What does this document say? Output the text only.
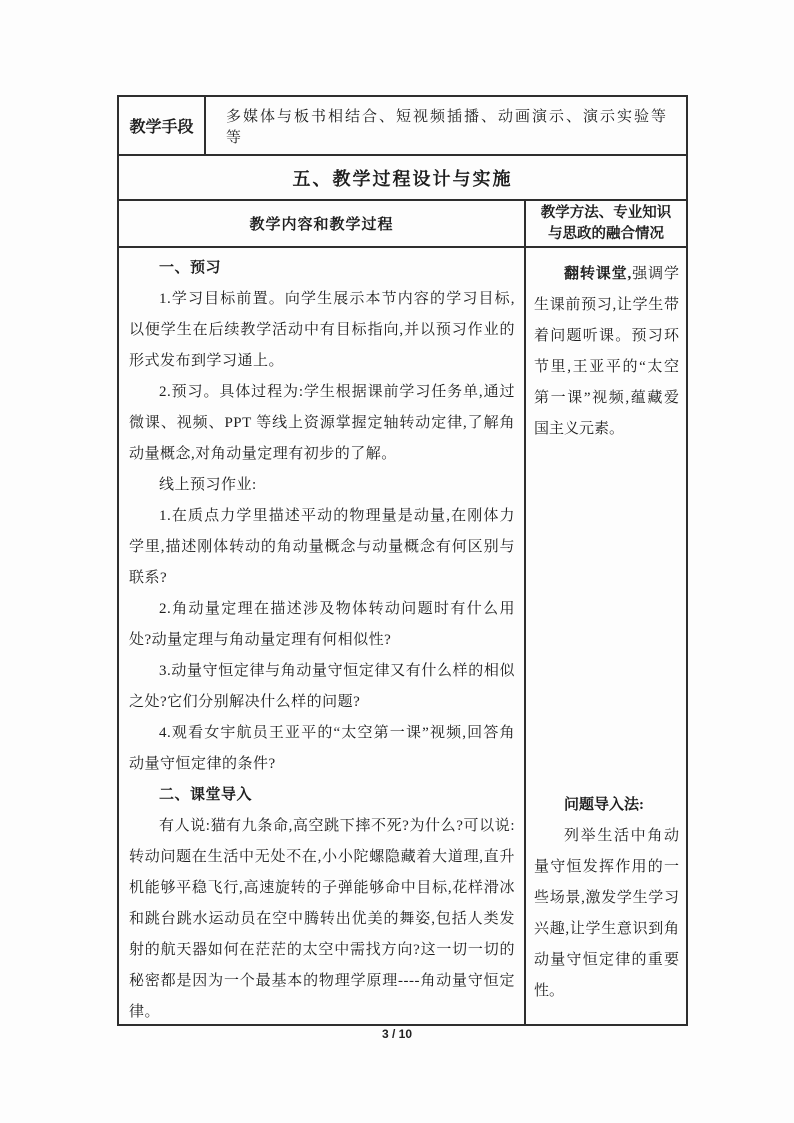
教学手段
多媒体与板书相结合、短视频插播、动画演示、演示实验等等
五、教学过程设计与实施
教学内容和教学过程
教学方法、专业知识
与思政的融合情况

一、预习

1.学习目标前置。向学生展示本节内容的学习目标,以便学生在后续教学活动中有目标指向,并以预习作业的形式发布到学习通上。

2.预习。具体过程为:学生根据课前学习任务单,通过微课、视频、PPT 等线上资源掌握定轴转动定律,了解角动量概念,对角动量定理有初步的了解。

线上预习作业:

1.在质点力学里描述平动的物理量是动量,在刚体力学里,描述刚体转动的角动量概念与动量概念有何区别与联系?

2.角动量定理在描述涉及物体转动问题时有什么用处?动量定理与角动量定理有何相似性?

3.动量守恒定律与角动量守恒定律又有什么样的相似之处?它们分别解决什么样的问题?

4.观看女宇航员王亚平的“太空第一课”视频,回答角动量守恒定律的条件?

二、课堂导入

有人说:猫有九条命,高空跳下摔不死?为什么?可以说:转动问题在生活中无处不在,小小陀螺隐藏着大道理,直升机能够平稳飞行,高速旋转的子弹能够命中目标,花样滑冰和跳台跳水运动员在空中腾转出优美的舞姿,包括人类发射的航天器如何在茫茫的太空中需找方向?这一切一切的秘密都是因为一个最基本的物理学原理----角动量守恒定律。

翻转课堂,强调学生课前预习,让学生带着问题听课。预习环节里,王亚平的“太空第一课”视频,蕴藏爱国主义元素。

问题导入法:

列举生活中角动量守恒发挥作用的一些场景,激发学生学习兴趣,让学生意识到角动量守恒定律的重要性。

3 / 10
